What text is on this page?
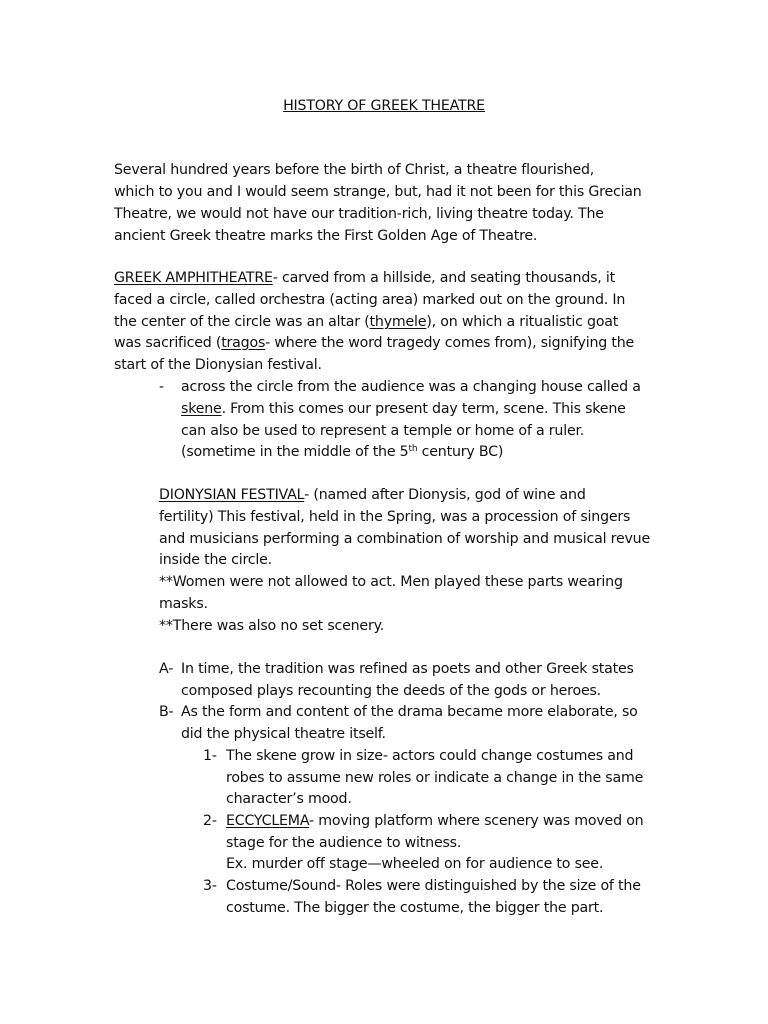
HISTORY OF GREEK THEATRE
Several hundred years before the birth of Christ, a theatre flourished,
which to you and I would seem strange, but, had it not been for this Grecian
Theatre, we would not have our tradition-rich, living theatre today. The
ancient Greek theatre marks the First Golden Age of Theatre.
GREEK AMPHITHEATRE- carved from a hillside, and seating thousands, it
faced a circle, called orchestra (acting area) marked out on the ground. In
the center of the circle was an altar (thymele), on which a ritualistic goat
was sacrificed (tragos- where the word tragedy comes from), signifying the
start of the Dionysian festival.
- across the circle from the audience was a changing house called a
skene. From this comes our present day term, scene. This skene
can also be used to represent a temple or home of a ruler.
(sometime in the middle of the 5th century BC)
DIONYSIAN FESTIVAL- (named after Dionysis, god of wine and
fertility) This festival, held in the Spring, was a procession of singers
and musicians performing a combination of worship and musical revue
inside the circle.
**Women were not allowed to act. Men played these parts wearing
masks.
**There was also no set scenery.
A- In time, the tradition was refined as poets and other Greek states
composed plays recounting the deeds of the gods or heroes.
B- As the form and content of the drama became more elaborate, so
did the physical theatre itself.
1- The skene grow in size- actors could change costumes and
robes to assume new roles or indicate a change in the same
character’s mood.
2- ECCYCLEMA- moving platform where scenery was moved on
stage for the audience to witness.
Ex. murder off stage—wheeled on for audience to see.
3- Costume/Sound- Roles were distinguished by the size of the
costume. The bigger the costume, the bigger the part.
